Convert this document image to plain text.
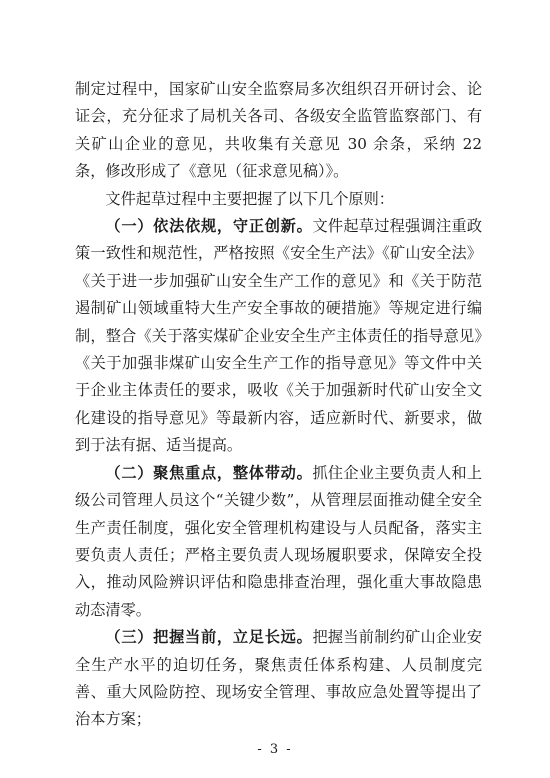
制定过程中，国家矿山安全监察局多次组织召开研讨会、论证会，充分征求了局机关各司、各级安全监管监察部门、有关矿山企业的意见，共收集有关意见 30 余条，采纳 22 条，修改形成了《意见（征求意见稿）》。

文件起草过程中主要把握了以下几个原则：

（一）依法依规，守正创新。文件起草过程强调注重政策一致性和规范性，严格按照《安全生产法》《矿山安全法》《关于进一步加强矿山安全生产工作的意见》和《关于防范遏制矿山领域重特大生产安全事故的硬措施》等规定进行编制，整合《关于落实煤矿企业安全生产主体责任的指导意见》《关于加强非煤矿山安全生产工作的指导意见》等文件中关于企业主体责任的要求，吸收《关于加强新时代矿山安全文化建设的指导意见》等最新内容，适应新时代、新要求，做到于法有据、适当提高。

（二）聚焦重点，整体带动。抓住企业主要负责人和上级公司管理人员这个“关键少数”，从管理层面推动健全安全生产责任制度，强化安全管理机构建设与人员配备，落实主要负责人责任；严格主要负责人现场履职要求，保障安全投入，推动风险辨识评估和隐患排查治理，强化重大事故隐患动态清零。

（三）把握当前，立足长远。把握当前制约矿山企业安全生产水平的迫切任务，聚焦责任体系构建、人员制度完善、重大风险防控、现场安全管理、事故应急处置等提出了治本方案；

- 3 -
